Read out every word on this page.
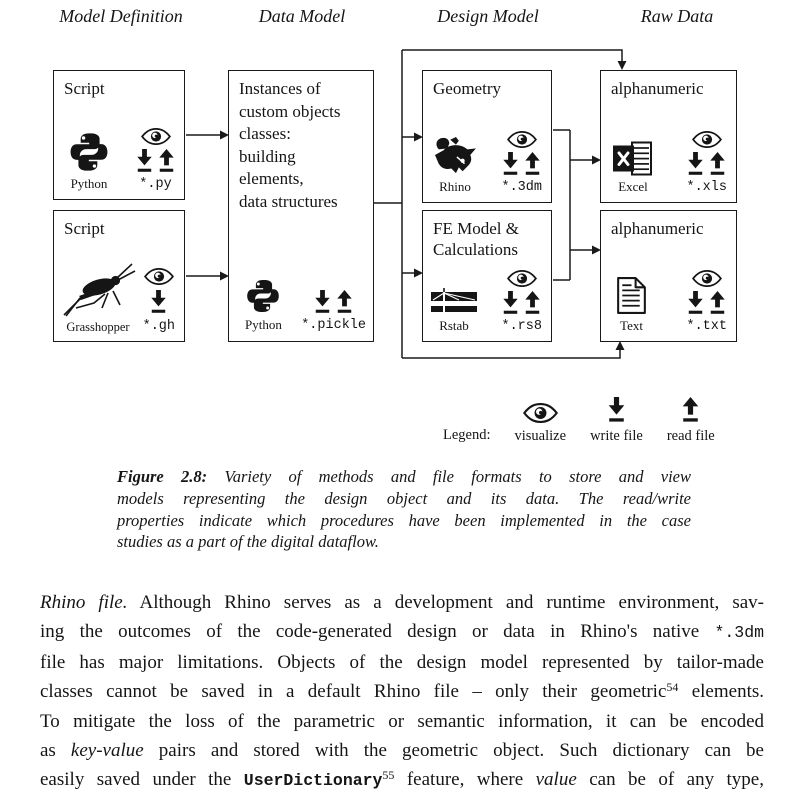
Model Definition	Data Model	Design Model	Raw Data
Script
Python *.py
Script
Grasshopper *.gh
Instances of
custom objects
classes:
building
elements,
data structures
Python *.pickle
Geometry
Rhino *.3dm
FE Model &
Calculations
Rstab *.rs8
alphanumeric
Excel	*.xls
alphanumeric
Text	*.txt
Legend: visualize write file read file
Figure 2.8: Variety of methods and file formats to store and view
models representing the design object and its data. The read/write
properties indicate which procedures have been implemented in the case
studies as a part of the digital dataflow.
Rhino file. Although Rhino serves as a development and runtime environment, sav-
ing the outcomes of the code-generated design or data in Rhino's native *.3dm
file has major limitations. Objects of the design model represented by tailor-made
classes cannot be saved in a default Rhino file – only their geometric$^{54}$ elements.
To mitigate the loss of the parametric or semantic information, it can be encoded
as key-value pairs and stored with the geometric object. Such dictionary can be
easily saved under the UserDictionary$^{55}$ feature, where value can be of any type,
